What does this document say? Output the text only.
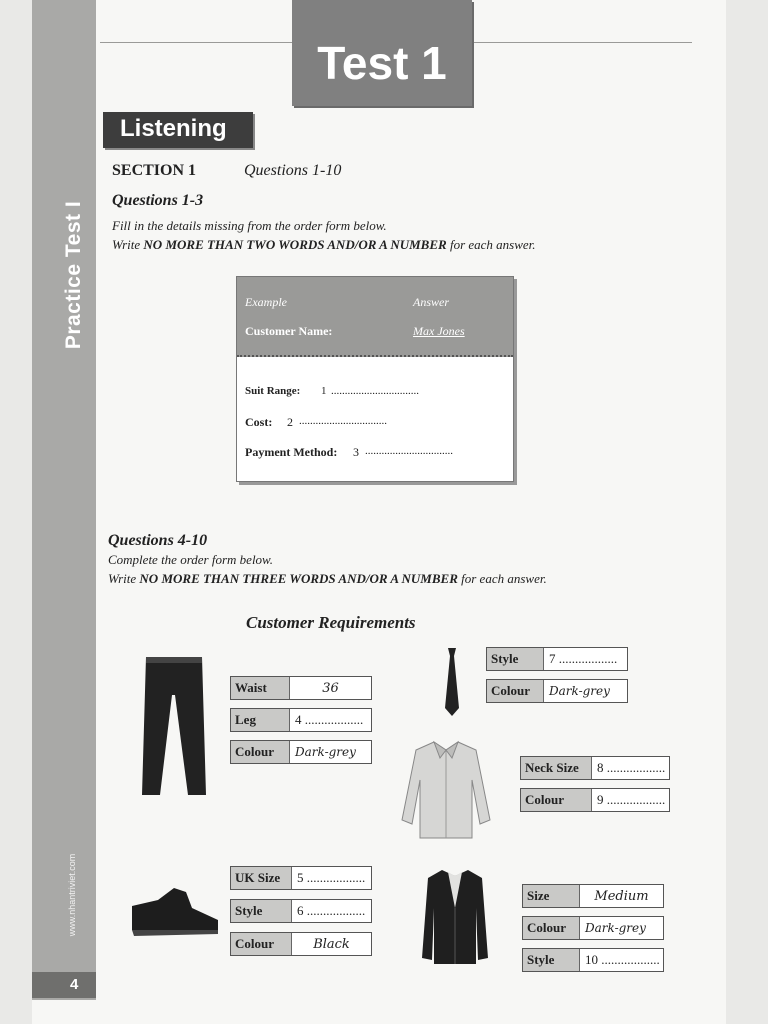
Practice Test I
www.nhantriviet.com
4
Test 1
Listening
SECTION 1	Questions 1-10
Questions 1-3
Fill in the details missing from the order form below.
Write NO MORE THAN TWO WORDS AND/OR A NUMBER for each answer.
Example	Answer
Customer Name:	Max Jones
Suit Range: 1 ................................
Cost: 2 ................................
Payment Method: 3 ................................
Questions 4-10
Complete the order form below.
Write NO MORE THAN THREE WORDS AND/OR A NUMBER for each answer.
Customer Requirements
Waist	36
Leg	4 ..................
Colour	Dark-grey
Style	7 ..................
Colour	Dark-grey
Neck Size	8 ..................
Colour	9 ..................
UK Size	5 ..................
Style	6 ..................
Colour	Black
Size	Medium
Colour	Dark-grey
Style	10 ..................
